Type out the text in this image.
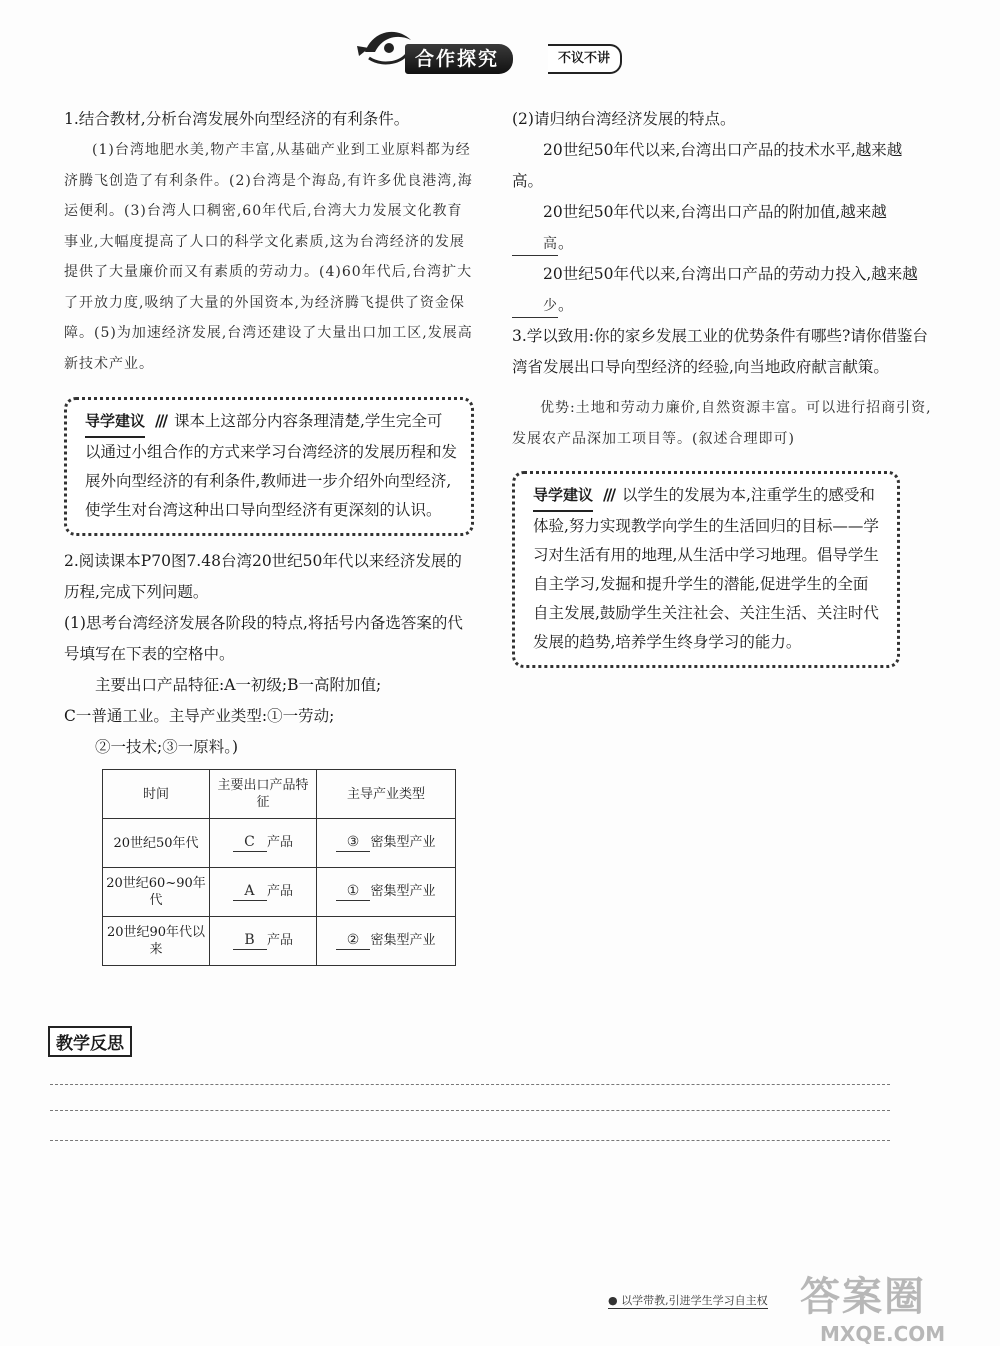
合作探究	不议不讲

1.结合教材,分析台湾发展外向型经济的有利条件。

(1)台湾地肥水美,物产丰富,从基础产业到工业原料都为经济腾飞创造了有利条件。(2)台湾是个海岛,有许多优良港湾,海运便利。(3)台湾人口稠密,60年代后,台湾大力发展文化教育事业,大幅度提高了人口的科学文化素质,这为台湾经济的发展提供了大量廉价而又有素质的劳动力。(4)60年代后,台湾扩大了开放力度,吸纳了大量的外国资本,为经济腾飞提供了资金保障。(5)为加速经济发展,台湾还建设了大量出口加工区,发展高新技术产业。

导学建议 /// 课本上这部分内容条理清楚,学生完全可以通过小组合作的方式来学习台湾经济的发展历程和发展外向型经济的有利条件,教师进一步介绍外向型经济,使学生对台湾这种出口导向型经济有更深刻的认识。

2.阅读课本P70图7.48台湾20世纪50年代以来经济发展的历程,完成下列问题。

(1)思考台湾经济发展各阶段的特点,将括号内备选答案的代号填写在下表的空格中。

主要出口产品特征:A一初级;B一高附加值;

C一普通工业。主导产业类型:①一劳动;

②一技术;③一原料。)

时间	主要出口产品特征	主导产业类型
20世纪50年代	C 产品	③ 密集型产业
20世纪60~90年代	A 产品	① 密集型产业
20世纪90年代以来	B 产品	② 密集型产业

(2)请归纳台湾经济发展的特点。

20世纪50年代以来,台湾出口产品的技术水平,越来越高。

20世纪50年代以来,台湾出口产品的附加值,越来越高。

20世纪50年代以来,台湾出口产品的劳动力投入,越来越少。

3.学以致用:你的家乡发展工业的优势条件有哪些?请你借鉴台湾省发展出口导向型经济的经验,向当地政府献言献策。

优势:土地和劳动力廉价,自然资源丰富。可以进行招商引资,发展农产品深加工项目等。(叙述合理即可)

导学建议 /// 以学生的发展为本,注重学生的感受和体验,努力实现教学向学生的生活回归的目标——学习对生活有用的地理,从生活中学习地理。倡导学生自主学习,发掘和提升学生的潜能,促进学生的全面自主发展,鼓励学生关注社会、关注生活、关注时代发展的趋势,培养学生终身学习的能力。
教学反思
● 以学带教,引进学生学习自主权 答案圈
MXQE.COM
